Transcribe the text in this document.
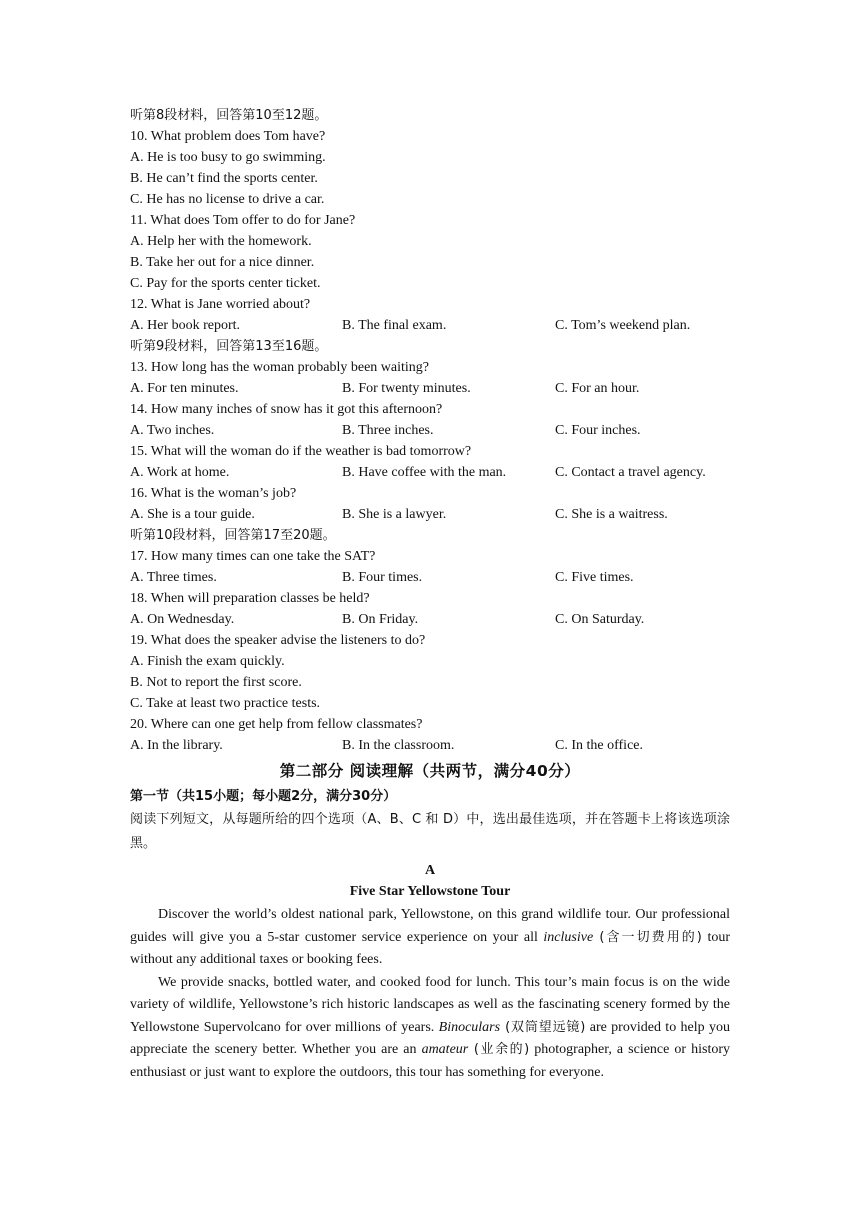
听第8段材料，回答第10至12题。
10. What problem does Tom have?
A. He is too busy to go swimming.
B. He can’t find the sports center.
C. He has no license to drive a car.
11. What does Tom offer to do for Jane?
A. Help her with the homework.
B. Take her out for a nice dinner.
C. Pay for the sports center ticket.
12. What is Jane worried about?
A. Her book report.	B. The final exam.	C. Tom’s weekend plan.
听第9段材料，回答第13至16题。
13. How long has the woman probably been waiting?
A. For ten minutes.	B. For twenty minutes.	C. For an hour.
14. How many inches of snow has it got this afternoon?
A. Two inches.	B. Three inches.	C. Four inches.
15. What will the woman do if the weather is bad tomorrow?
A. Work at home.	B. Have coffee with the man.	C. Contact a travel agency.
16. What is the woman’s job?
A. She is a tour guide.	B. She is a lawyer.	C. She is a waitress.
听第10段材料，回答第17至20题。
17. How many times can one take the SAT?
A. Three times.	B. Four times.	C. Five times.
18. When will preparation classes be held?
A. On Wednesday.	B. On Friday.	C. On Saturday.
19. What does the speaker advise the listeners to do?
A. Finish the exam quickly.
B. Not to report the first score.
C. Take at least two practice tests.
20. Where can one get help from fellow classmates?
A. In the library.	B. In the classroom.	C. In the office.
第二部分 阅读理解（共两节，满分40分）
第一节（共15小题；每小题2分，满分30分）
阅读下列短文，从每题所给的四个选项（A、B、C 和 D）中，选出最佳选项，并在答题卡上将该选项涂黑。
A
Five Star Yellowstone Tour

Discover the world’s oldest national park, Yellowstone, on this grand wildlife tour. Our professional guides will give you a 5-star customer service experience on your all inclusive (含一切费用的) tour without any additional taxes or booking fees.

We provide snacks, bottled water, and cooked food for lunch. This tour’s main focus is on the wide variety of wildlife, Yellowstone’s rich historic landscapes as well as the fascinating scenery formed by the Yellowstone Supervolcano for over millions of years. Binoculars (双筒望远镜) are provided to help you appreciate the scenery better. Whether you are an amateur (业余的) photographer, a science or history enthusiast or just want to explore the outdoors, this tour has something for everyone.
